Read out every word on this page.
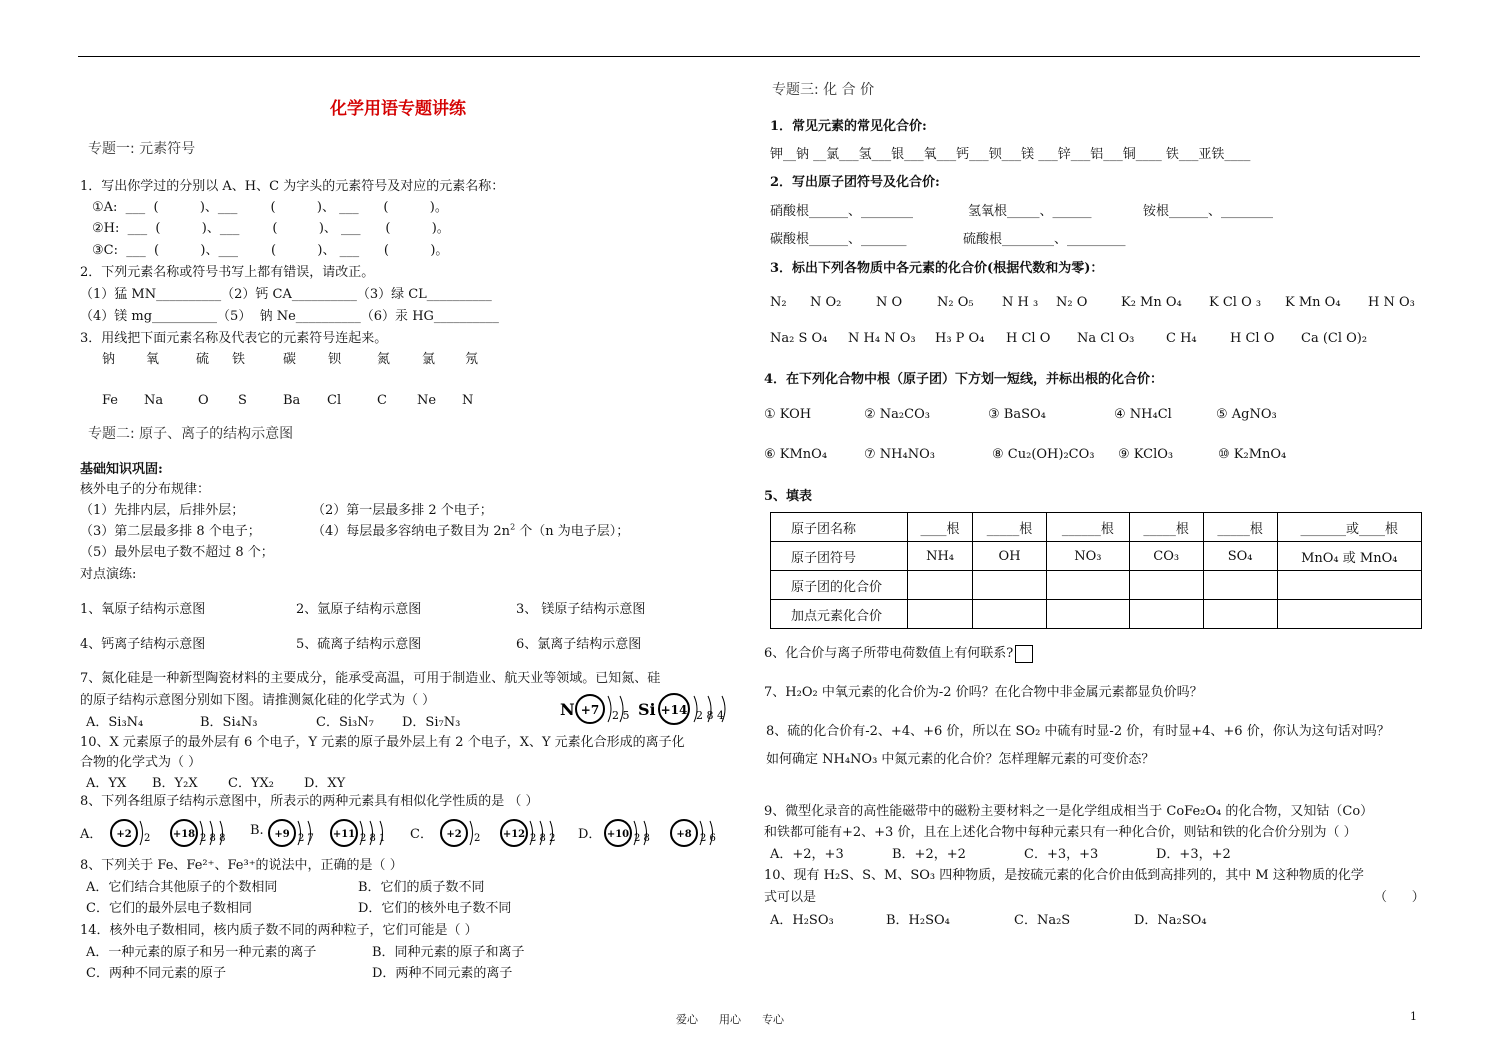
化学用语专题讲练
专题一: 元素符号
1．写出你学过的分别以 A、H、C 为字头的元素符号及对应的元素名称：
①A:  ___  (          )、___        (          )、 ___      (          )。
②H:  ___  (          )、___        (          )、 ___      (          )。
③C:  ___  (          )、___        (          )、 ___      (          )。
2．下列元素名称或符号书写上都有错误，请改正。
（1）猛 MN__________（2）钙 CA__________（3）绿 CL__________
（4）镁 mg__________（5）  钠 Ne__________（6）汞 HG__________
3．用线把下面元素名称及代表它的元素符号连起来。
钠 氧	硫 铁	碳 钡	氮 氯 氖
Fe Na	O S	Ba Cl	C Ne N
专题二: 原子、离子的结构示意图
基础知识巩固:
核外电子的分布规律：
（1）先排内层，后排外层；	（2）第一层最多排 2 个电子；
（3）第二层最多排 8 个电子；	（4）每层最多容纳电子数目为 $2n^2$ 个（n 为电子层）；
（5）最外层电子数不超过 8 个；
对点演练:
1、氧原子结构示意图	2、氩原子结构示意图	3、 镁原子结构示意图
4、钙离子结构示意图	5、硫离子结构示意图	6、氯离子结构示意图
7、氮化硅是一种新型陶瓷材料的主要成分，能承受高温，可用于制造业、航天业等领域。已知氮、硅
的原子结构示意图分别如下图。请推测氮化硅的化学式为（ ）
A．Si₃N₄	B．Si₄N₃	C．Si₃N₇ D．Si₇N₃
N +7 2 5 Si +14 2 8 4
10、X 元素原子的最外层有 6 个电子，Y 元素的原子最外层上有 2 个电子，X、Y 元素化合形成的离子化
合物的化学式为（ ）
A．YX B．Y₂X C．YX₂ D．XY
8、下列各组原子结构示意图中，所表示的两种元素具有相似化学性质的是 （ ）
A．	B.	C．	D．
+2 2 +18 2 8 8	+9 2 7 +11 2 8 1	+2 2 +12 2 8 2	+10 2 8	+8 2 6
8、下列关于 Fe、Fe²⁺、Fe³⁺的说法中，正确的是（ ）
A．它们结合其他原子的个数相同	B．它们的质子数不同
C．它们的最外层电子数相同	D．它们的核外电子数不同
14．核外电子数相同，核内质子数不同的两种粒子，它们可能是（ ）
A．一种元素的原子和另一种元素的离子	B．同种元素的原子和离子
C．两种不同元素的原子	D．两种不同元素的离子
专题三: 化 合 价
1．常见元素的常见化合价:
钾__钠 __氯___氢___银___氧___钙___钡___镁 ___锌___铝___铜____ 铁___亚铁____
2．写出原子团符号及化合价:
硝酸根______、________	氢氧根_____、______	铵根______、________
碳酸根______、_______	硫酸根________、_________
3．标出下列各物质中各元素的化合价(根据代数和为零)：
N₂ N O₂	N O	N₂ O₅ N H ₃ N₂ O	K₂ Mn O₄ K Cl O ₃ K Mn O₄ H N O₃
Na₂ S O₄ N H₄ N O₃ H₃ P O₄ H Cl O Na Cl O₃ C H₄	H Cl O Ca (Cl O)₂
4．在下列化合物中根（原子团）下方划一短线，并标出根的化合价：
① KOH	② Na₂CO₃	③ BaSO₄	④ NH₄Cl	⑤ AgNO₃
⑥ KMnO₄	⑦ NH₄NO₃	⑧ Cu₂(OH)₂CO₃ ⑨ KClO₃	⑩ K₂MnO₄
5、填表
原子团名称	____根	_____根	______根	_____根	_____根	_______或____根
原子团符号	NH₄	OH	NO₃	CO₃	SO₄	MnO₄ 或 MnO₄
原子团的化合价						
加点元素化合价						
6、化合价与离子所带电荷数值上有何联系?
7、H₂O₂ 中氧元素的化合价为-2 价吗？在化合物中非金属元素都显负价吗？
8、硫的化合价有-2、+4、+6 价，所以在 SO₂ 中硫有时显-2 价，有时显+4、+6 价，你认为这句话对吗？
如何确定 NH₄NO₃ 中氮元素的化合价？怎样理解元素的可变价态？
9、微型化录音的高性能磁带中的磁粉主要材料之一是化学组成相当于 CoFe₂O₄ 的化合物，又知钴（Co）
和铁都可能有+2、+3 价，且在上述化合物中每种元素只有一种化合价，则钴和铁的化合价分别为（ ）
A．+2，+3	B．+2，+2	C．+3，+3	D．+3，+2
10、现有 H₂S、S、M、SO₃ 四种物质，是按硫元素的化合价由低到高排列的，其中 M 这种物质的化学
式可以是	（      ）
A．H₂SO₃	B．H₂SO₄	C．Na₂S	D．Na₂SO₄
爱心      用心      专心	1
